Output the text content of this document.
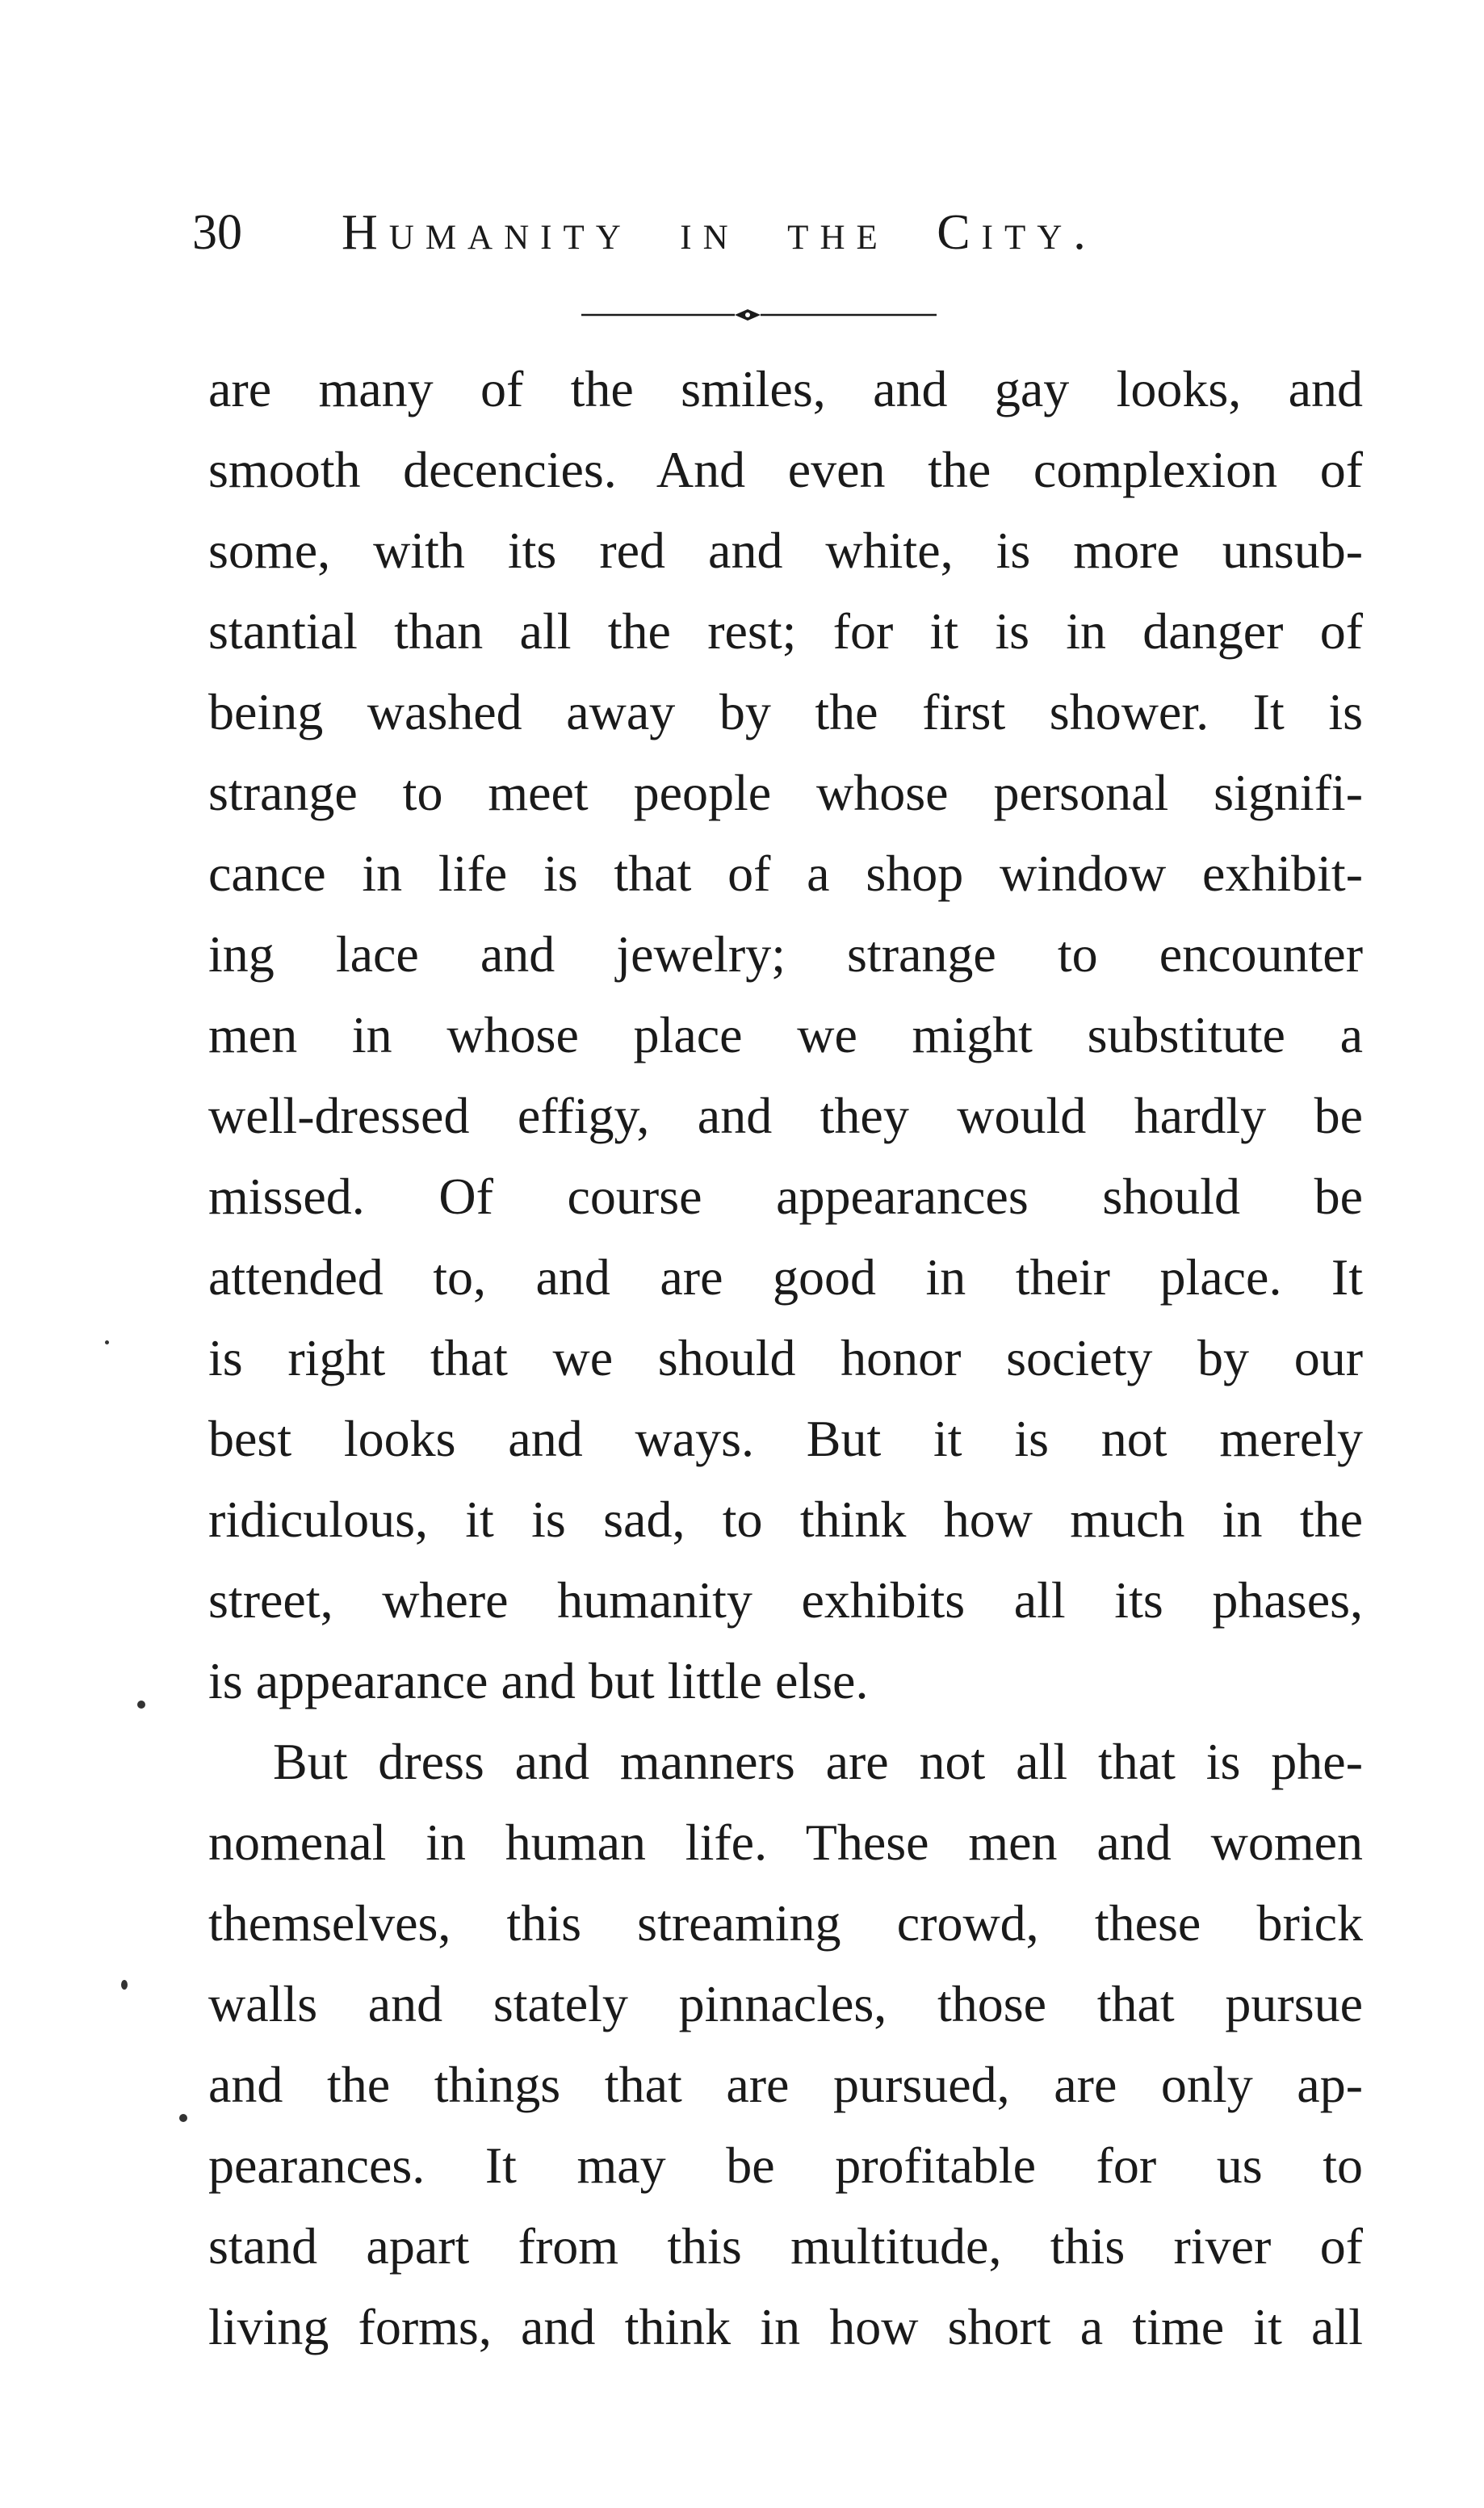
30 Humanity in the City.
are many of the smiles, and gay looks, and
smooth decencies. And even the complexion of
some, with its red and white, is more unsub-
stantial than all the rest; for it is in danger of
being washed away by the first shower. It is
strange to meet people whose personal signifi-
cance in life is that of a shop window exhibit-
ing lace and jewelry; strange to encounter
men in whose place we might substitute a
well-dressed effigy, and they would hardly be
missed. Of course appearances should be
attended to, and are good in their place. It
is right that we should honor society by our
best looks and ways. But it is not merely
ridiculous, it is sad, to think how much in the
street, where humanity exhibits all its phases,
is appearance and but little else.
But dress and manners are not all that is phe-
nomenal in human life. These men and women
themselves, this streaming crowd, these brick
walls and stately pinnacles, those that pursue
and the things that are pursued, are only ap-
pearances. It may be profitable for us to
stand apart from this multitude, this river of
living forms, and think in how short a time it all
